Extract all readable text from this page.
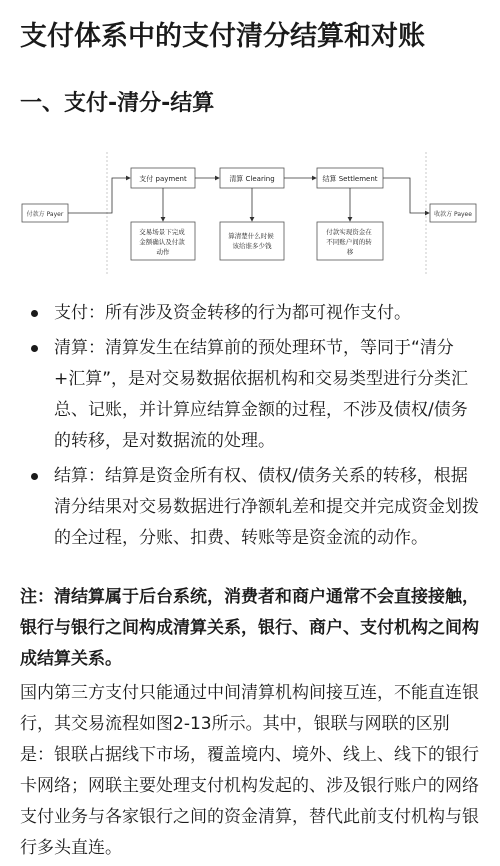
支付体系中的支付清分结算和对账
一、支付-清分-结算
付款方 Payer	收款方 Payee
支付 payment	清算 Clearing	结算 Settlement
交易场景下完成 金额确认及付款 动作
算清楚什么时候 该给谁多少钱
付款实现资金在 不同账户间的转 移
支付：所有涉及资金转移的行为都可视作支付。
清算：清算发生在结算前的预处理环节，等同于“清分+汇算”，是对交易数据依据机构和交易类型进行分类汇总、记账，并计算应结算金额的过程，不涉及债权/债务的转移，是对数据流的处理。
结算：结算是资金所有权、债权/债务关系的转移，根据清分结果对交易数据进行净额轧差和提交并完成资金划拨的全过程，分账、扣费、转账等是资金流的动作。
注：清结算属于后台系统，消费者和商户通常不会直接接触，银行与银行之间构成清算关系，银行、商户、支付机构之间构成结算关系。
国内第三方支付只能通过中间清算机构间接互连，不能直连银行，其交易流程如图2-13所示。其中，银联与网联的区别是：银联占据线下市场，覆盖境内、境外、线上、线下的银行卡网络；网联主要处理支付机构发起的、涉及银行账户的网络支付业务与各家银行之间的资金清算，替代此前支付机构与银行多头直连。
